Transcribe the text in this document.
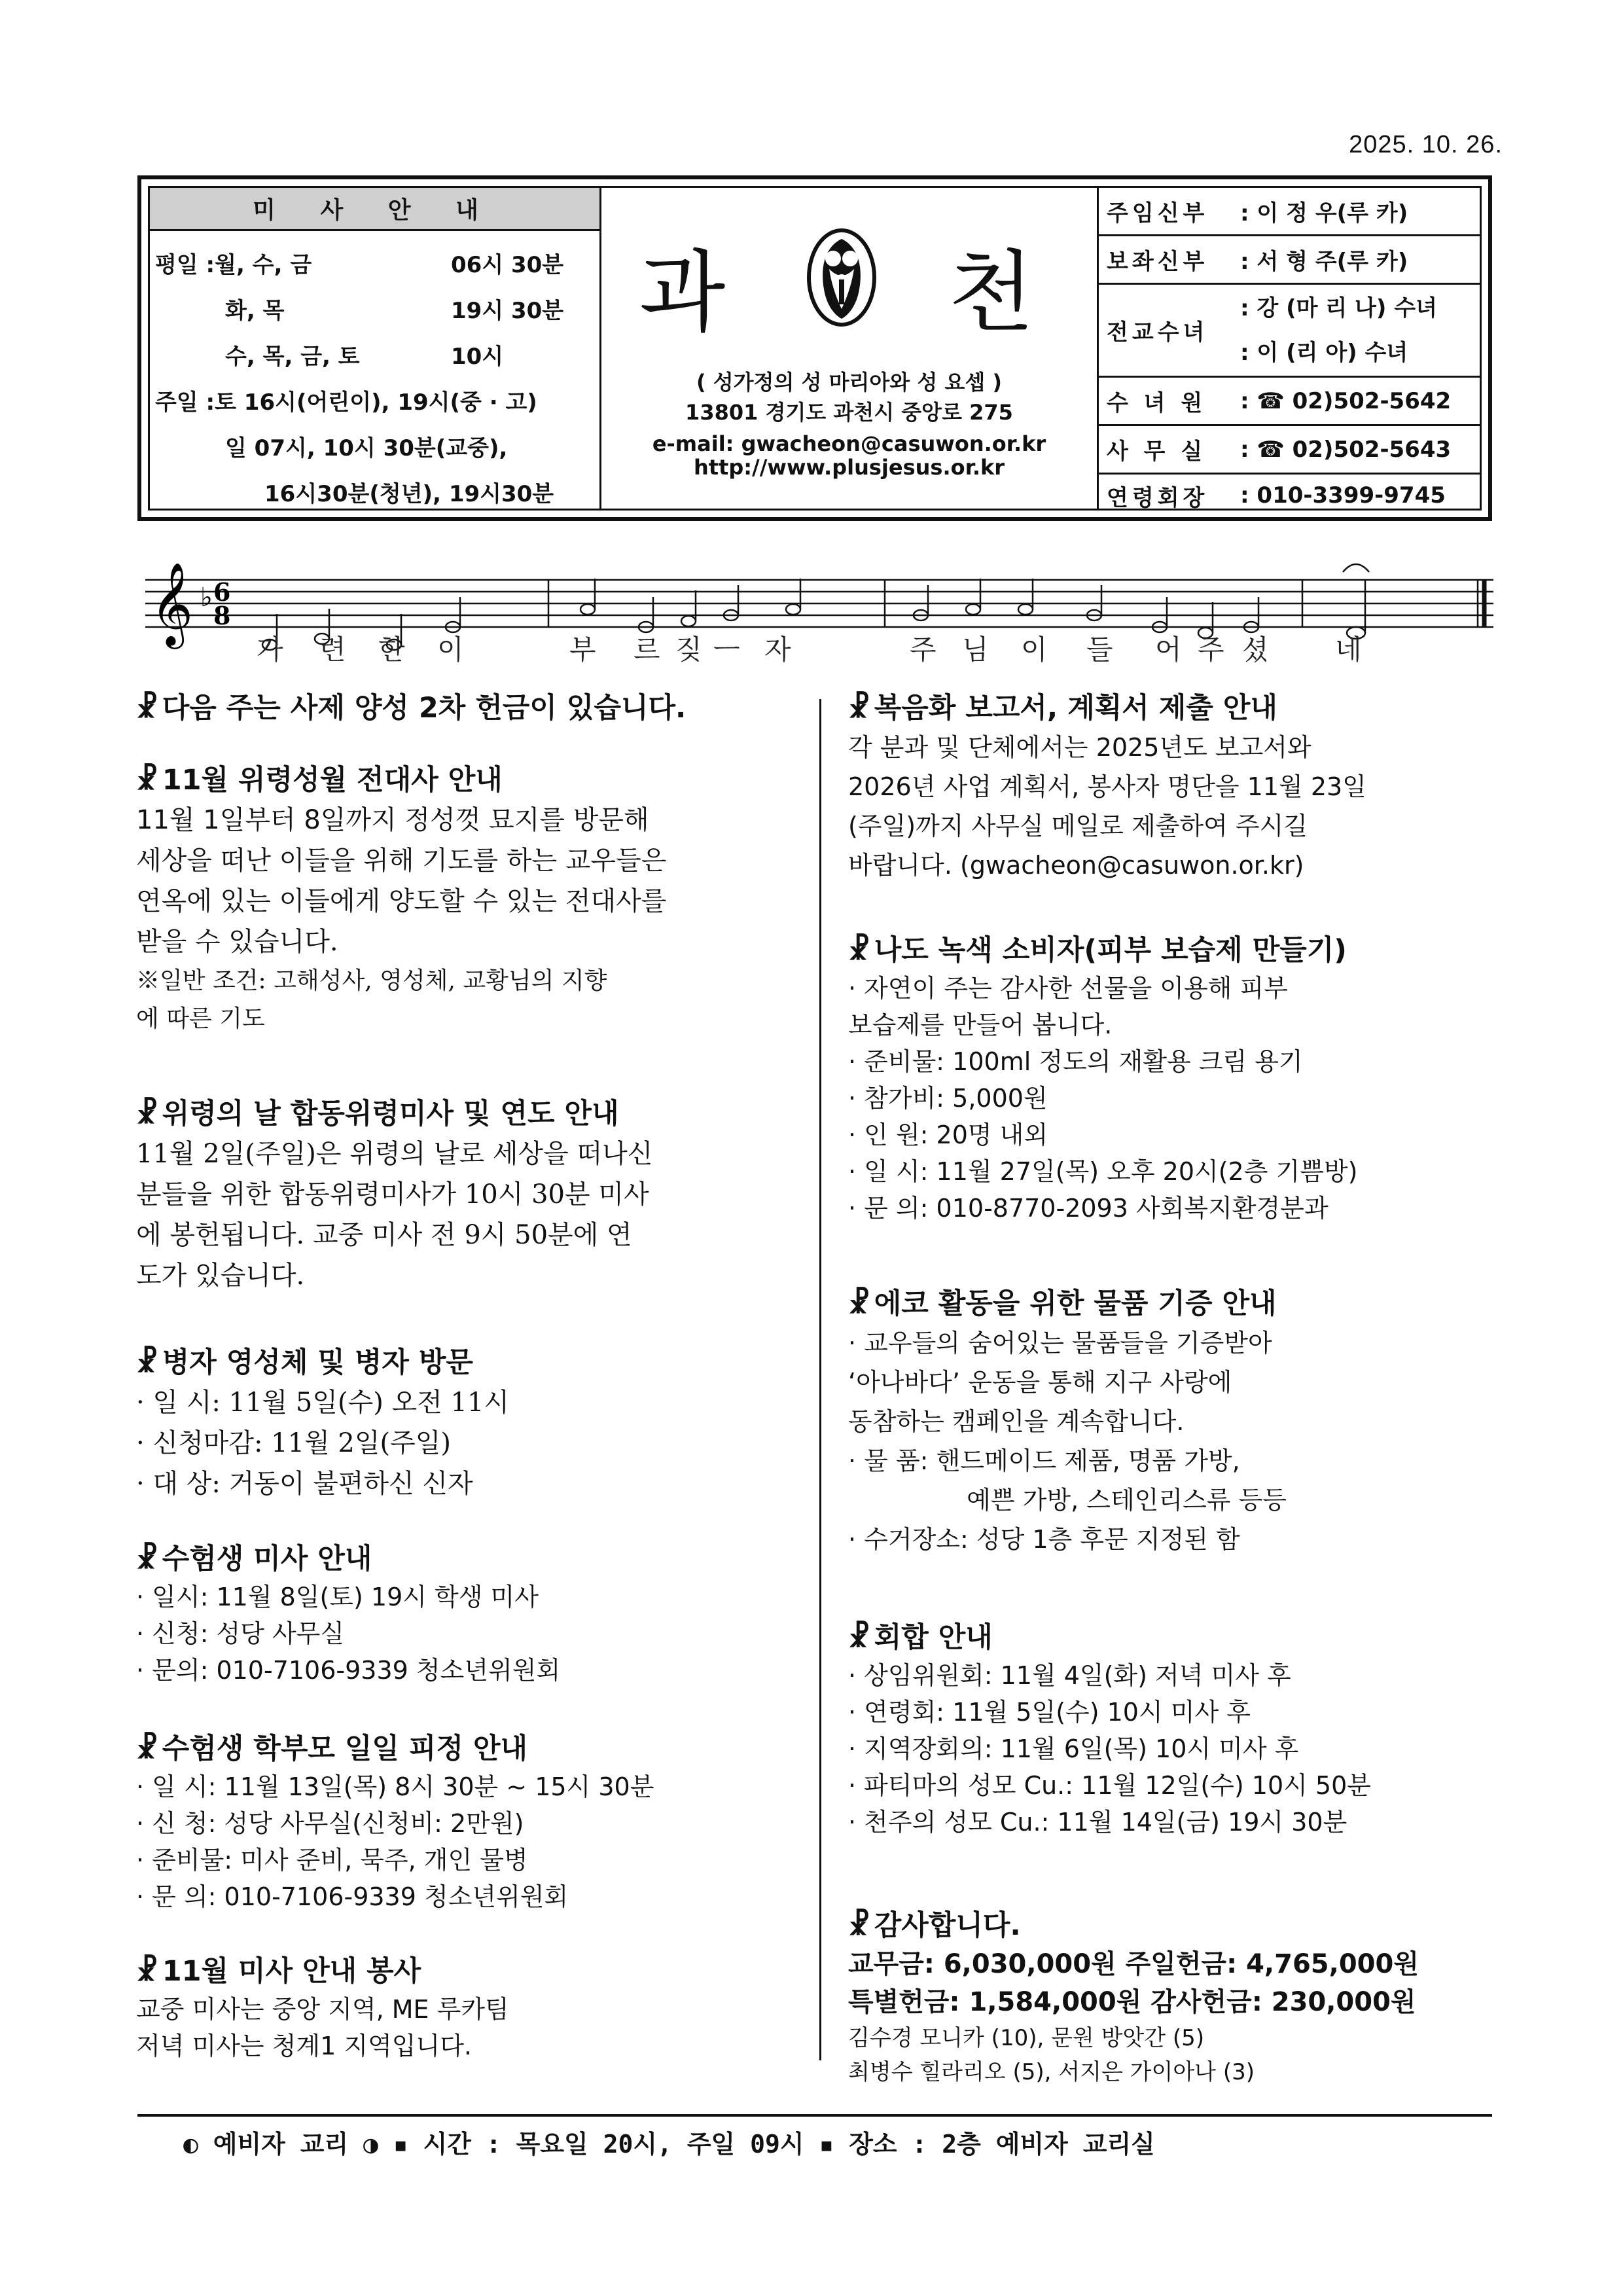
2025. 10. 26.
미 사 안 내
평일 :월, 수, 금	06시 30분
화, 목	19시 30분
수, 목, 금, 토	10시
주일 :토 16시(어린이), 19시(중 · 고)
일 07시, 10시 30분(교중),
16시30분(청년), 19시30분
과	천
( 성가정의 성 마리아와 성 요셉 )
13801 경기도 과천시 중앙로 275
e-mail: gwacheon@casuwon.or.kr
http://www.plusjesus.or.kr
주임신부	: 이 정 우(루 카)
보좌신부	: 서 형 주(루 카)
전교수녀
: 강 (마 리 나) 수녀
: 이 (리 아) 수녀
수 녀 원	: ☎ 02)502-5642
사 무 실	: ☎ 02)502-5643
연령회장	: 010-3399-9745
𝄞 ♭ 6
8
가 련 한 이	부 르 짖 ㅡ 자	주 님 이 들 어 주 셨 네
☧ 다음 주는 사제 양성 2차 헌금이 있습니다.
☧ 11월 위령성월 전대사 안내
11월 1일부터 8일까지 정성껏 묘지를 방문해
세상을 떠난 이들을 위해 기도를 하는 교우들은
연옥에 있는 이들에게 양도할 수 있는 전대사를
받을 수 있습니다.
※일반 조건: 고해성사, 영성체, 교황님의 지향
에 따른 기도
☧ 위령의 날 합동위령미사 및 연도 안내
11월 2일(주일)은 위령의 날로 세상을 떠나신
분들을 위한 합동위령미사가 10시 30분 미사
에 봉헌됩니다. 교중 미사 전 9시 50분에 연
도가 있습니다.
☧ 병자 영성체 및 병자 방문
· 일 시: 11월 5일(수) 오전 11시
· 신청마감: 11월 2일(주일)
· 대 상: 거동이 불편하신 신자
☧ 수험생 미사 안내
· 일시: 11월 8일(토) 19시 학생 미사
· 신청: 성당 사무실
· 문의: 010-7106-9339 청소년위원회
☧ 수험생 학부모 일일 피정 안내
· 일 시: 11월 13일(목) 8시 30분 ~ 15시 30분
· 신 청: 성당 사무실(신청비: 2만원)
· 준비물: 미사 준비, 묵주, 개인 물병
· 문 의: 010-7106-9339 청소년위원회
☧ 11월 미사 안내 봉사
교중 미사는 중앙 지역, ME 루카팀
저녁 미사는 청계1 지역입니다.
☧ 복음화 보고서, 계획서 제출 안내
각 분과 및 단체에서는 2025년도 보고서와
2026년 사업 계획서, 봉사자 명단을 11월 23일
(주일)까지 사무실 메일로 제출하여 주시길
바랍니다. (gwacheon@casuwon.or.kr)
☧ 나도 녹색 소비자(피부 보습제 만들기)
· 자연이 주는 감사한 선물을 이용해 피부
보습제를 만들어 봅니다.
· 준비물: 100ml 정도의 재활용 크림 용기
· 참가비: 5,000원
· 인 원: 20명 내외
· 일 시: 11월 27일(목) 오후 20시(2층 기쁨방)
· 문 의: 010-8770-2093 사회복지환경분과
☧ 에코 활동을 위한 물품 기증 안내
· 교우들의 숨어있는 물품들을 기증받아
‘아나바다’ 운동을 통해 지구 사랑에
동참하는 캠페인을 계속합니다.
· 물 품: 핸드메이드 제품, 명품 가방,
예쁜 가방, 스테인리스류 등등
· 수거장소: 성당 1층 후문 지정된 함
☧ 회합 안내
· 상임위원회: 11월 4일(화) 저녁 미사 후
· 연령회: 11월 5일(수) 10시 미사 후
· 지역장회의: 11월 6일(목) 10시 미사 후
· 파티마의 성모 Cu.: 11월 12일(수) 10시 50분
· 천주의 성모 Cu.: 11월 14일(금) 19시 30분
☧ 감사합니다.
교무금: 6,030,000원 주일헌금: 4,765,000원
특별헌금: 1,584,000원 감사헌금: 230,000원
김수경 모니카 (10), 문원 방앗간 (5)
최병수 힐라리오 (5), 서지은 가이아나 (3)
◐ 예비자 교리 ◑ ▪ 시간 : 목요일 20시, 주일 09시 ▪ 장소 : 2층 예비자 교리실
